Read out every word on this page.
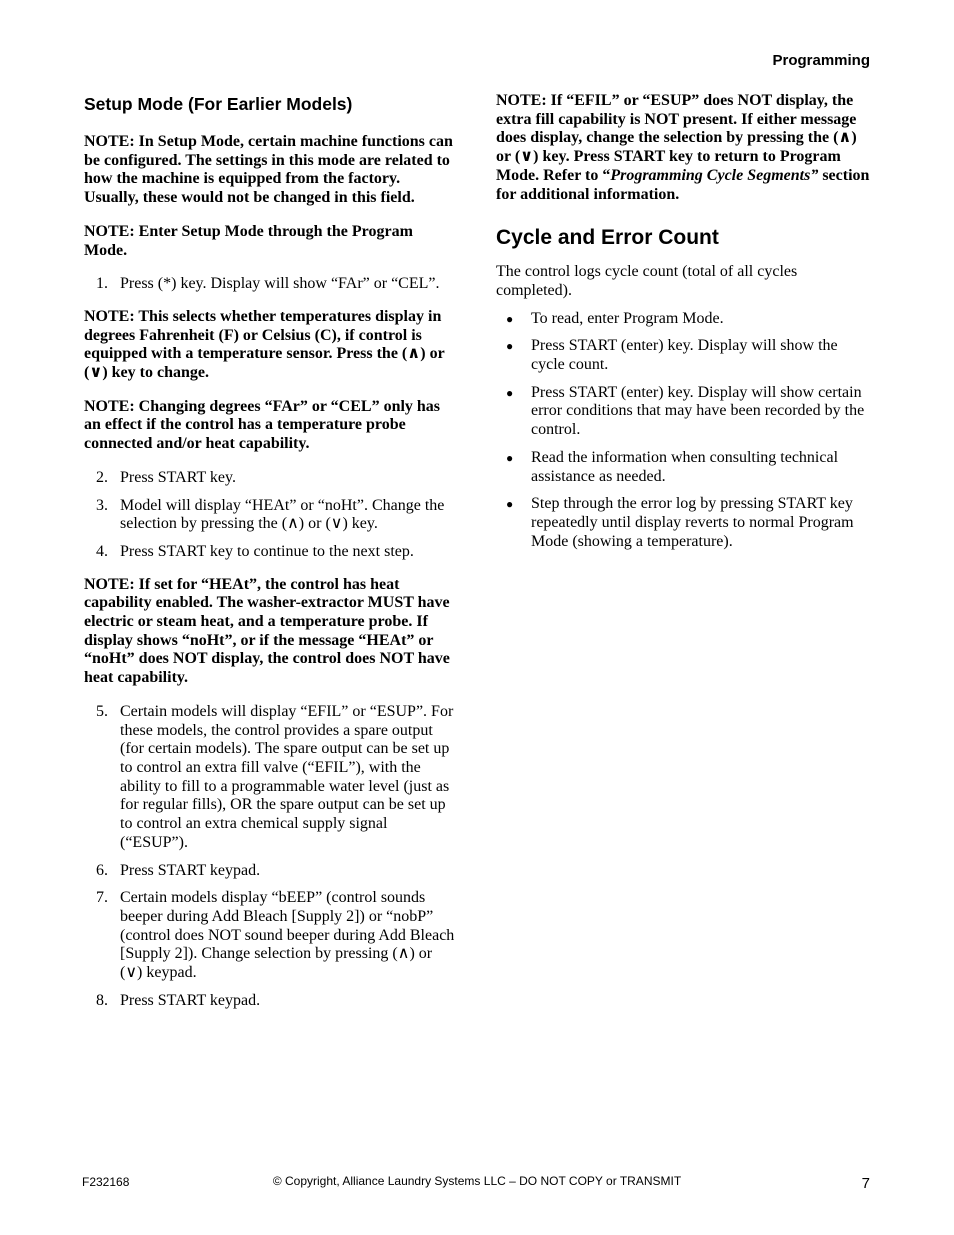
Programming
Setup Mode (For Earlier Models)

NOTE: In Setup Mode, certain machine functions can be configured. The settings in this mode are related to how the machine is equipped from the factory. Usually, these would not be changed in this field.

NOTE: Enter Setup Mode through the Program Mode.

1. Press (*) key. Display will show “FAr” or “CEL”.

NOTE: This selects whether temperatures display in degrees Fahrenheit (F) or Celsius (C), if control is equipped with a temperature sensor. Press the (∧) or (∨) key to change.

NOTE: Changing degrees “FAr” or “CEL” only has an effect if the control has a temperature probe connected and/or heat capability.

2. Press START key.
3. Model will display “HEAt” or “noHt”. Change the selection by pressing the (∧) or (∨) key.
4. Press START key to continue to the next step.

NOTE: If set for “HEAt”, the control has heat capability enabled. The washer-extractor MUST have electric or steam heat, and a temperature probe. If display shows “noHt”, or if the message “HEAt” or “noHt” does NOT display, the control does NOT have heat capability.

5. Certain models will display “EFIL” or “ESUP”. For these models, the control provides a spare output (for certain models). The spare output can be set up to control an extra fill valve (“EFIL”), with the ability to fill to a programmable water level (just as for regular fills), OR the spare output can be set up to control an extra chemical supply signal (“ESUP”).
6. Press START keypad.
7. Certain models display “bEEP” (control sounds beeper during Add Bleach [Supply 2]) or “nobP” (control does NOT sound beeper during Add Bleach [Supply 2]). Change selection by pressing (∧) or (∨) keypad.
8. Press START keypad.

NOTE: If “EFIL” or “ESUP” does NOT display, the extra fill capability is NOT present. If either message does display, change the selection by pressing the (∧) or (∨) key. Press START key to return to Program Mode. Refer to “Programming Cycle Segments” section for additional information.

Cycle and Error Count

The control logs cycle count (total of all cycles completed).

● To read, enter Program Mode.
● Press START (enter) key. Display will show the cycle count.
● Press START (enter) key. Display will show certain error conditions that may have been recorded by the control.
● Read the information when consulting technical assistance as needed.
● Step through the error log by pressing START key repeatedly until display reverts to normal Program Mode (showing a temperature).
F232168	© Copyright, Alliance Laundry Systems LLC – DO NOT COPY or TRANSMIT	7
